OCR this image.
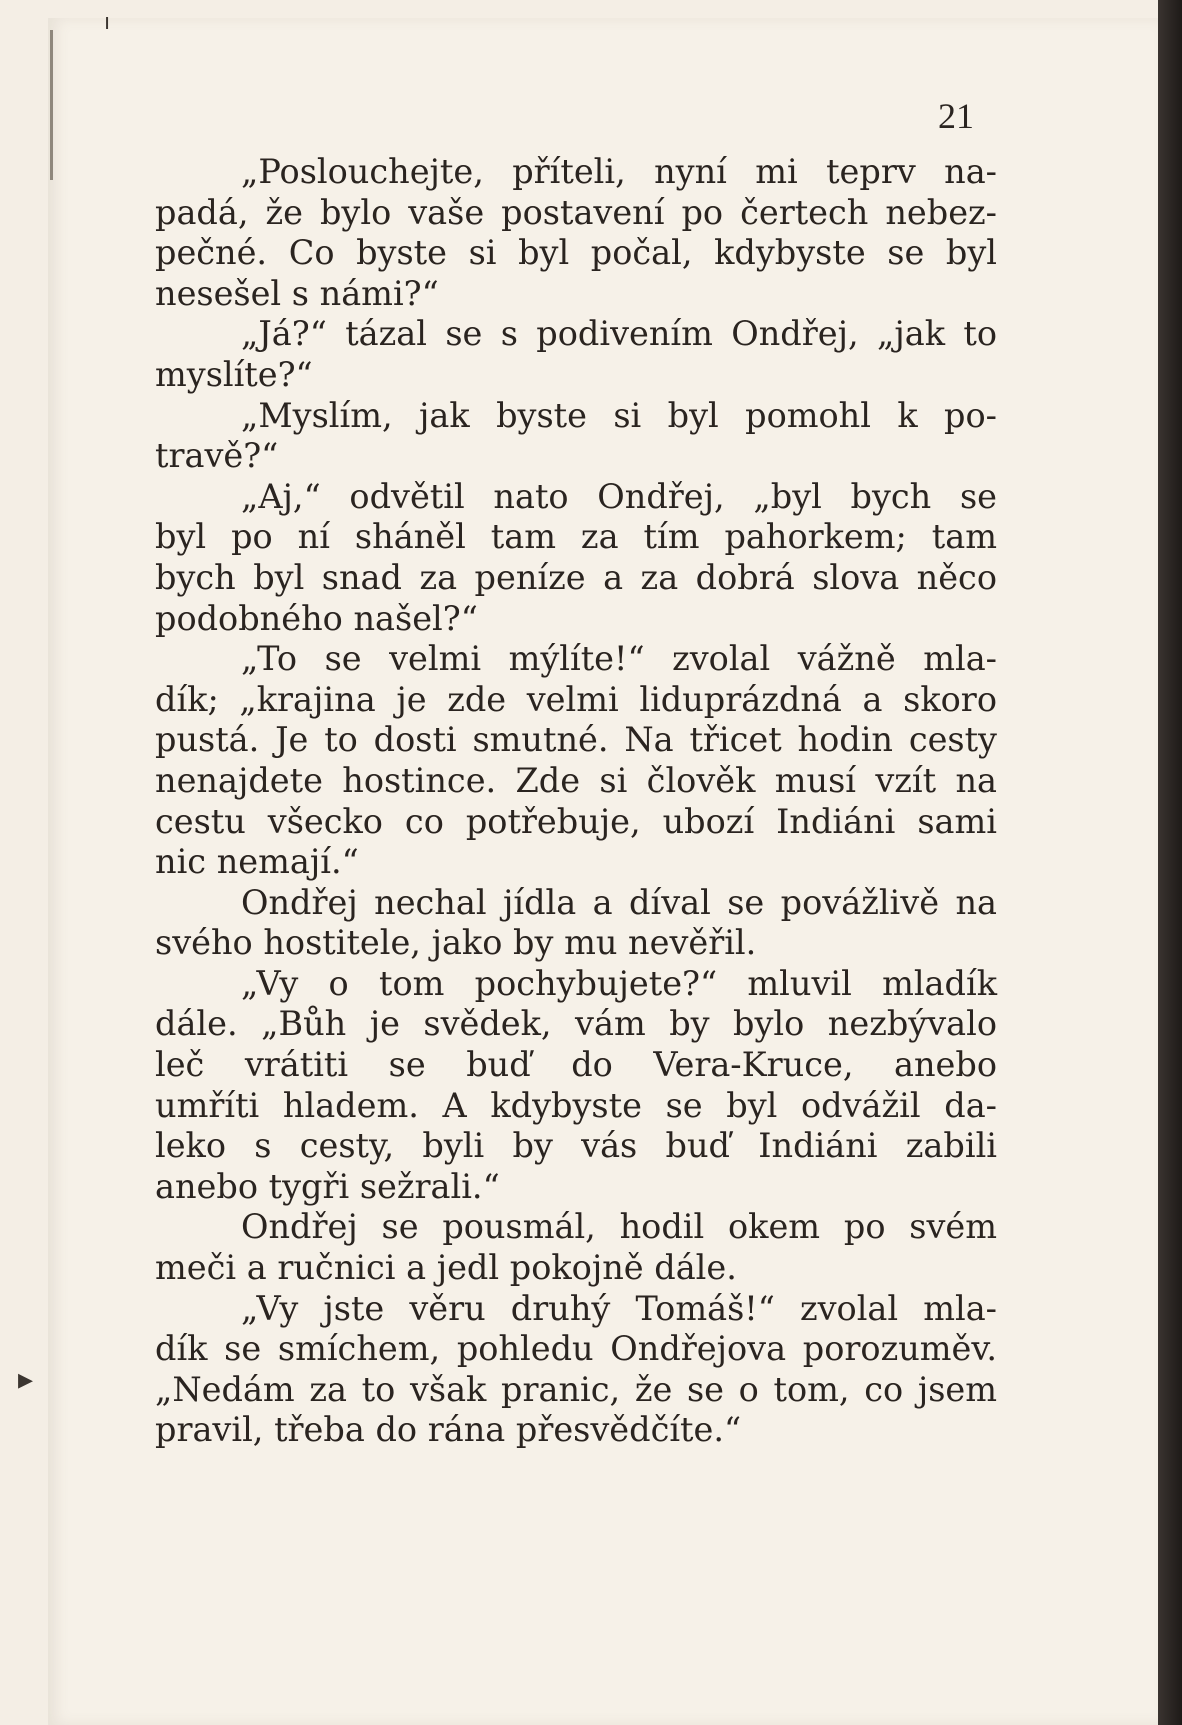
ı
▸
21
„Poslouchejte, příteli, nyní mi teprv na-
padá, že bylo vaše postavení po čertech nebez-
pečné. Co byste si byl počal, kdybyste se byl
nesešel s námi?“
„Já?“ tázal se s podivením Ondřej, „jak to
myslíte?“
„Myslím, jak byste si byl pomohl k po-
travě?“
„Aj,“ odvětil nato Ondřej, „byl bych se
byl po ní sháněl tam za tím pahorkem; tam
bych byl snad za peníze a za dobrá slova něco
podobného našel?“
„To se velmi mýlíte!“ zvolal vážně mla-
dík; „krajina je zde velmi liduprázdná a skoro
pustá. Je to dosti smutné. Na třicet hodin cesty
nenajdete hostince. Zde si člověk musí vzít na
cestu všecko co potřebuje, ubozí Indiáni sami
nic nemají.“
Ondřej nechal jídla a díval se povážlivě na
svého hostitele, jako by mu nevěřil.
„Vy o tom pochybujete?“ mluvil mladík
dále. „Bůh je svědek, vám by bylo nezbývalo
leč vrátiti se buď do Vera-Kruce, anebo
umříti hladem. A kdybyste se byl odvážil da-
leko s cesty, byli by vás buď Indiáni zabili
anebo tygři sežrali.“
Ondřej se pousmál, hodil okem po svém
meči a ručnici a jedl pokojně dále.
„Vy jste věru druhý Tomáš!“ zvolal mla-
dík se smíchem, pohledu Ondřejova porozuměv.
„Nedám za to však pranic, že se o tom, co jsem
pravil, třeba do rána přesvědčíte.“
